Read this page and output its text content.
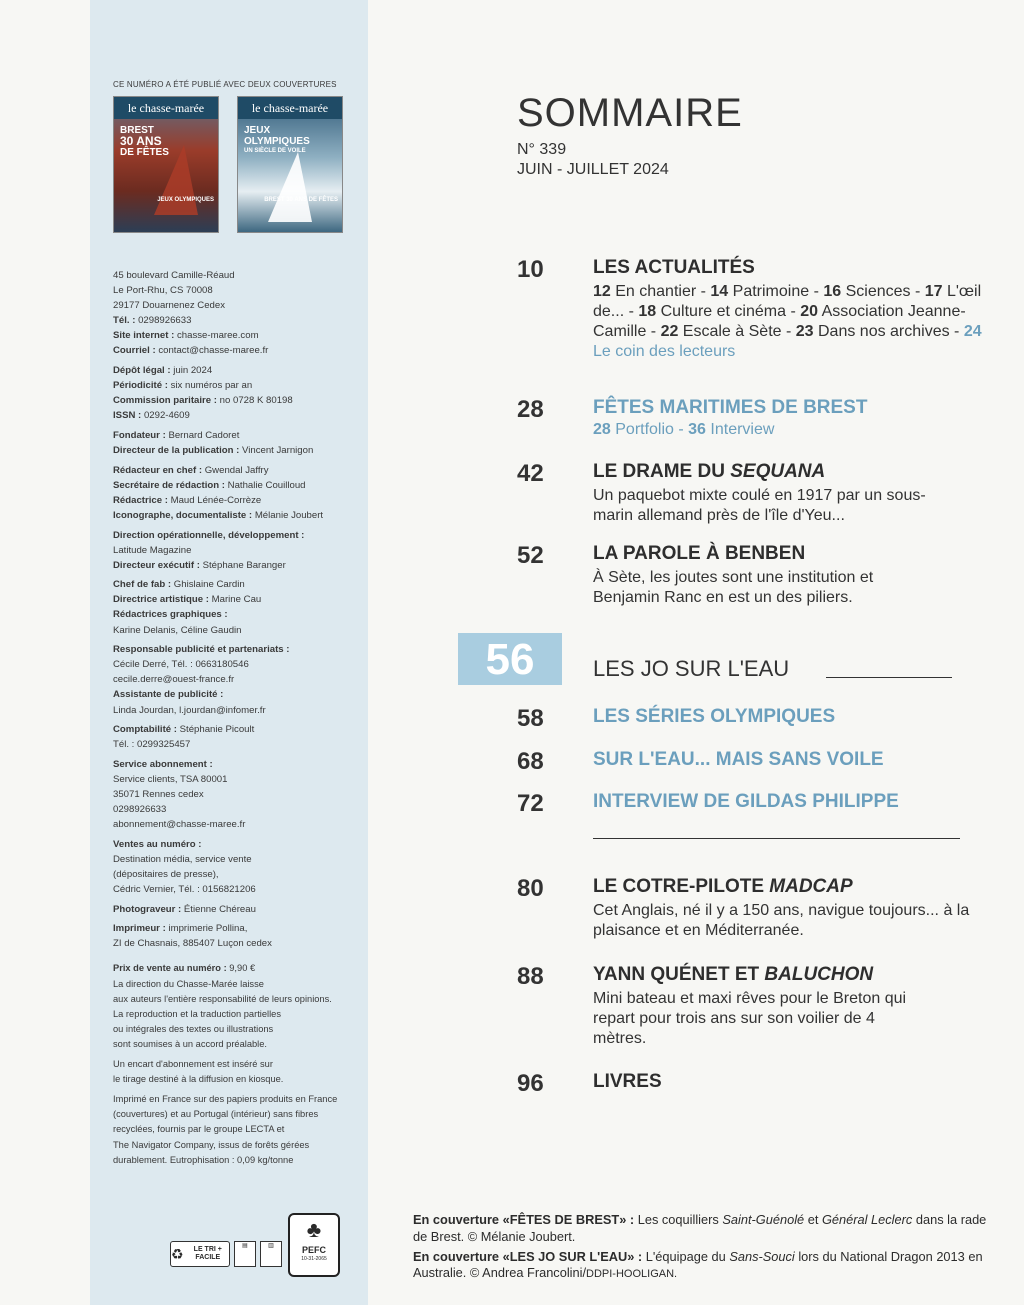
CE NUMÉRO A ÉTÉ PUBLIÉ AVEC DEUX COUVERTURES
le chasse-marée
BREST
30 ANS
DE FÊTES
JEUX OLYMPIQUES
le chasse-marée
JEUX
OLYMPIQUES
UN SIÈCLE DE VOILE
BREST 30 ANS DE FÊTES
45 boulevard Camille-Réaud
Le Port-Rhu, CS 70008
29177 Douarnenez Cedex
Tél. : 0298926633
Site internet : chasse-maree.com
Courriel : contact@chasse-maree.fr
Dépôt légal : juin 2024
Périodicité : six numéros par an
Commission paritaire : no 0728 K 80198
ISSN : 0292-4609
Fondateur : Bernard Cadoret
Directeur de la publication : Vincent Jarnigon
Rédacteur en chef : Gwendal Jaffry
Secrétaire de rédaction : Nathalie Couilloud
Rédactrice : Maud Lénée-Corrèze
Iconographe, documentaliste : Mélanie Joubert
Direction opérationnelle, développement :
Latitude Magazine
Directeur exécutif : Stéphane Baranger
Chef de fab : Ghislaine Cardin
Directrice artistique : Marine Cau
Rédactrices graphiques :
Karine Delanis, Céline Gaudin
Responsable publicité et partenariats :
Cécile Derré, Tél. : 0663180546
cecile.derre@ouest-france.fr
Assistante de publicité :
Linda Jourdan, l.jourdan@infomer.fr
Comptabilité : Stéphanie Picoult
Tél. : 0299325457
Service abonnement :
Service clients, TSA 80001
35071 Rennes cedex
0298926633
abonnement@chasse-maree.fr
Ventes au numéro :
Destination média, service vente
(dépositaires de presse),
Cédric Vernier, Tél. : 0156821206
Photograveur : Étienne Chéreau
Imprimeur : imprimerie Pollina,
ZI de Chasnais, 885407 Luçon cedex
Prix de vente au numéro : 9,90 €
La direction du Chasse-Marée laisse
aux auteurs l'entière responsabilité de leurs opinions.
La reproduction et la traduction partielles
ou intégrales des textes ou illustrations
sont soumises à un accord préalable.
Un encart d'abonnement est inséré sur
le tirage destiné à la diffusion en kiosque.
Imprimé en France sur des papiers produits en France
(couvertures) et au Portugal (intérieur) sans fibres
recyclées, fournis par le groupe LECTA et
The Navigator Company, issus de forêts gérées
durablement. Eutrophisation : 0,09 kg/tonne
♻	LE TRI + FACILE
▤	▥
♣
PEFC
10-31-2065
SOMMAIRE
N° 339
JUIN - JUILLET 2024
10	LES ACTUALITÉS
12 En chantier - 14 Patrimoine - 16 Sciences - 17 L'œil de... - 18 Culture et cinéma - 20 Association Jeanne-Camille - 22 Escale à Sète - 23 Dans nos archives - 24 Le coin des lecteurs
28	FÊTES MARITIMES DE BREST
28 Portfolio - 36 Interview
42	LE DRAME DU SEQUANA
Un paquebot mixte coulé en 1917 par un sous-marin allemand près de l'île d'Yeu...
52	LA PAROLE À BENBEN
À Sète, les joutes sont une institution et Benjamin Ranc en est un des piliers.
56	LES JO SUR L'EAU
58	LES SÉRIES OLYMPIQUES
68	SUR L'EAU... MAIS SANS VOILE
72	INTERVIEW DE GILDAS PHILIPPE
80	LE COTRE-PILOTE MADCAP
Cet Anglais, né il y a 150 ans, navigue toujours... à la plaisance et en Méditerranée.
88	YANN QUÉNET ET BALUCHON
Mini bateau et maxi rêves pour le Breton qui repart pour trois ans sur son voilier de 4 mètres.
96	LIVRES

En couverture «FÊTES DE BREST» : Les coquilliers Saint-Guénolé et Général Leclerc dans la rade de Brest. © Mélanie Joubert.

En couverture «LES JO SUR L'EAU» : L'équipage du Sans-Souci lors du National Dragon 2013 en Australie. © Andrea Francolini/DDPI-HOOLIGAN.
